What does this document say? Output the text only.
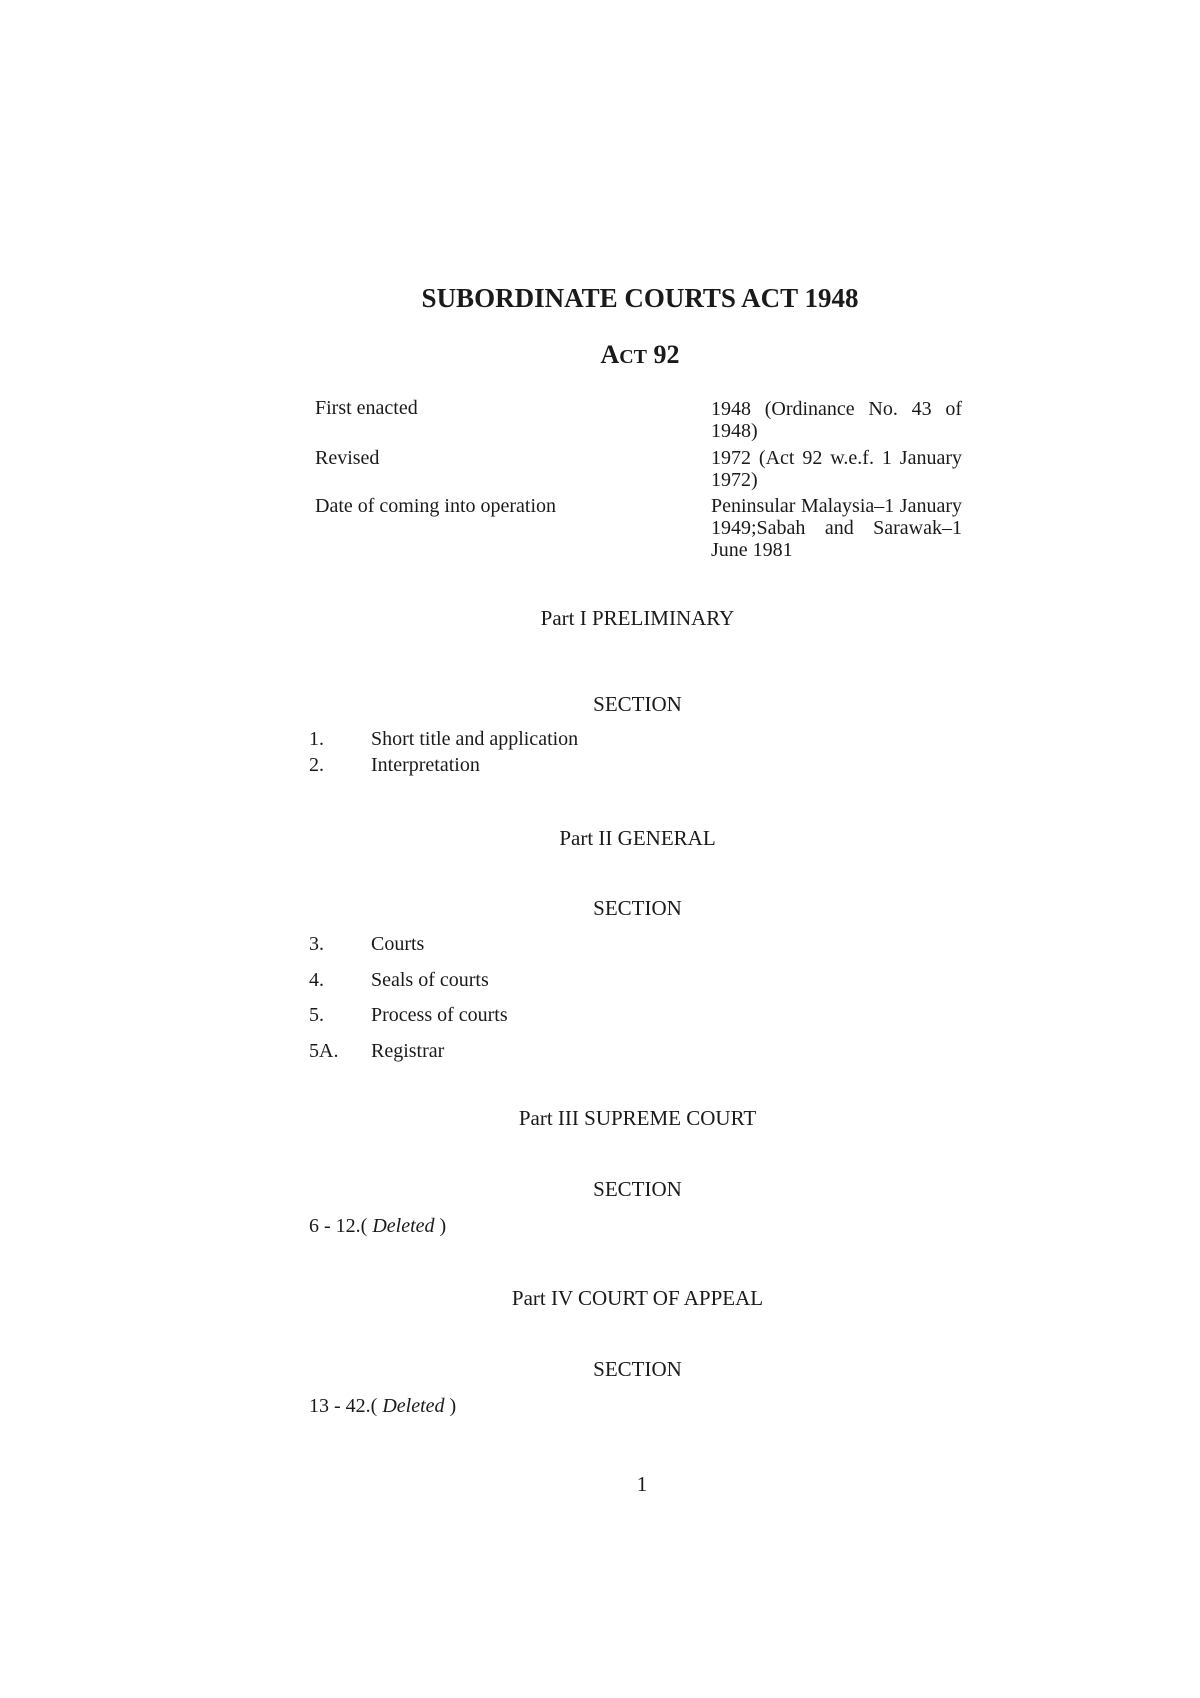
SUBORDINATE COURTS ACT 1948
ACT 92
First enacted	1948 (Ordinance No. 43 of 1948)
Revised	1972 (Act 92 w.e.f. 1 January 1972)
Date of coming into operation	Peninsular Malaysia–1 January 1949;Sabah and Sarawak–1 June 1981
Part I PRELIMINARY
SECTION
1. Short title and application
2. Interpretation
Part II GENERAL
SECTION
3. Courts
4. Seals of courts
5. Process of courts
5A. Registrar
Part III SUPREME COURT
SECTION
6 - 12.( Deleted )
Part IV COURT OF APPEAL
SECTION
13 - 42.( Deleted )
1
